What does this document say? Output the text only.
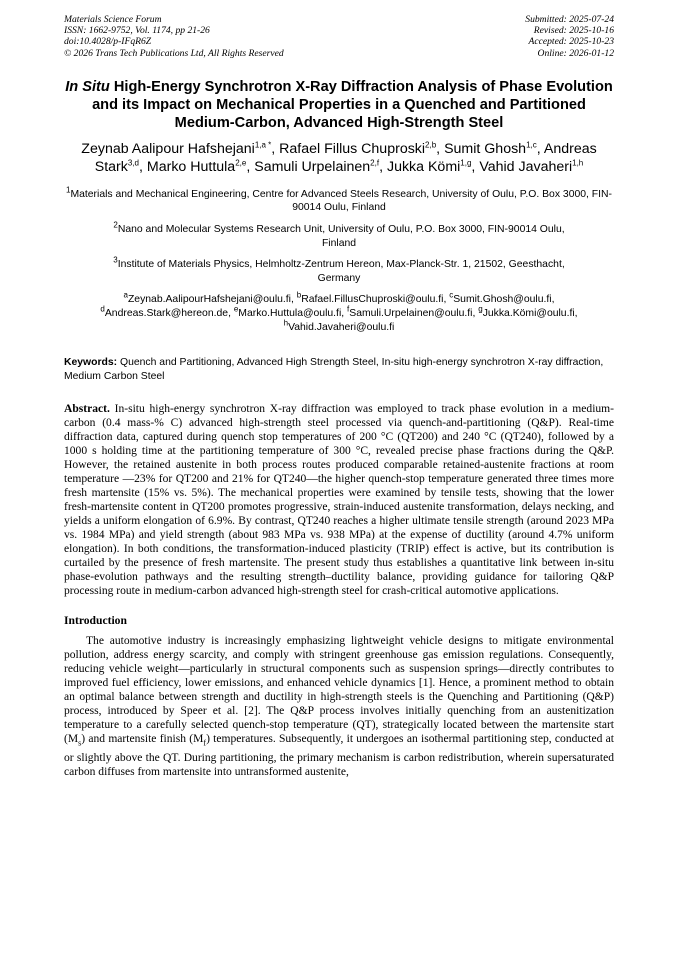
Materials Science Forum
ISSN: 1662-9752, Vol. 1174, pp 21-26
doi:10.4028/p-IFqR6Z
© 2026 Trans Tech Publications Ltd, All Rights Reserved
Submitted: 2025-07-24
Revised: 2025-10-16
Accepted: 2025-10-23
Online: 2026-01-12
In Situ High-Energy Synchrotron X-Ray Diffraction Analysis of Phase Evolution and its Impact on Mechanical Properties in a Quenched and Partitioned Medium-Carbon, Advanced High-Strength Steel
Zeynab Aalipour Hafshejani$^{1,a *}$, Rafael Fillus Chuproski$^{2,b}$, Sumit Ghosh$^{1,c}$, Andreas Stark$^{3,d}$, Marko Huttula$^{2,e}$, Samuli Urpelainen$^{2,f}$, Jukka Kömi$^{1,g}$, Vahid Javaheri$^{1,h}$

$^1$Materials and Mechanical Engineering, Centre for Advanced Steels Research, University of Oulu, P.O. Box 3000, FIN-90014 Oulu, Finland

$^2$Nano and Molecular Systems Research Unit, University of Oulu, P.O. Box 3000, FIN-90014 Oulu, Finland

$^3$Institute of Materials Physics, Helmholtz-Zentrum Hereon, Max-Planck-Str. 1, 21502, Geesthacht, Germany

$^a$Zeynab.AalipourHafshejani@oulu.fi, $^b$Rafael.FillusChuproski@oulu.fi, $^c$Sumit.Ghosh@oulu.fi, $^d$Andreas.Stark@hereon.de, $^e$Marko.Huttula@oulu.fi, $^f$Samuli.Urpelainen@oulu.fi, $^g$Jukka.Kömi@oulu.fi, $^h$Vahid.Javaheri@oulu.fi
Keywords: Quench and Partitioning, Advanced High Strength Steel, In-situ high-energy synchrotron X-ray diffraction, Medium Carbon Steel
Abstract. In-situ high-energy synchrotron X-ray diffraction was employed to track phase evolution in a medium-carbon (0.4 mass-% C) advanced high-strength steel processed via quench-and-partitioning (Q&P). Real-time diffraction data, captured during quench stop temperatures of 200 °C (QT200) and 240 °C (QT240), followed by a 1000 s holding time at the partitioning temperature of 300 °C, revealed precise phase fractions during the Q&P. However, the retained austenite in both process routes produced comparable retained-austenite fractions at room temperature —23% for QT200 and 21% for QT240—the higher quench-stop temperature generated three times more fresh martensite (15% vs. 5%). The mechanical properties were examined by tensile tests, showing that the lower fresh-martensite content in QT200 promotes progressive, strain-induced austenite transformation, delays necking, and yields a uniform elongation of 6.9%. By contrast, QT240 reaches a higher ultimate tensile strength (around 2023 MPa vs. 1984 MPa) and yield strength (about 983 MPa vs. 938 MPa) at the expense of ductility (around 4.7% uniform elongation). In both conditions, the transformation-induced plasticity (TRIP) effect is active, but its contribution is curtailed by the presence of fresh martensite. The present study thus establishes a quantitative link between in-situ phase-evolution pathways and the resulting strength–ductility balance, providing guidance for tailoring Q&P processing route in medium-carbon advanced high-strength steel for crash-critical automotive applications.
Introduction
The automotive industry is increasingly emphasizing lightweight vehicle designs to mitigate environmental pollution, address energy scarcity, and comply with stringent greenhouse gas emission regulations. Consequently, reducing vehicle weight—particularly in structural components such as suspension springs—directly contributes to improved fuel efficiency, lower emissions, and enhanced vehicle dynamics [1]. Hence, a prominent method to obtain an optimal balance between strength and ductility in high-strength steels is the Quenching and Partitioning (Q&P) process, introduced by Speer et al. [2]. The Q&P process involves initially quenching from an austenitization temperature to a carefully selected quench-stop temperature (QT), strategically located between the martensite start $(M_s)$ and martensite finish $(M_f)$ temperatures. Subsequently, it undergoes an isothermal partitioning step, conducted at or slightly above the QT. During partitioning, the primary mechanism is carbon redistribution, wherein supersaturated carbon diffuses from martensite into untransformed austenite,
